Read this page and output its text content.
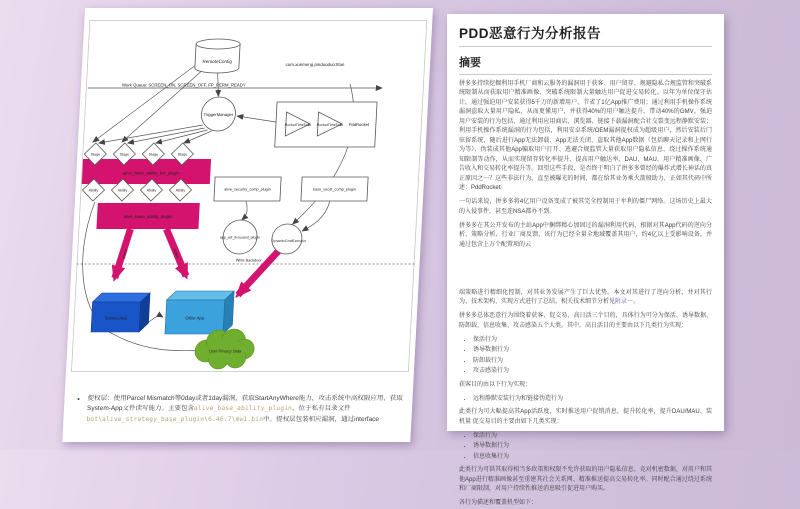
Write Backdoor
Attack	Attack
RemoteConfig
com.xunmeng.pinduoduo:titan
Work Queue: SCREEN_ON, SCREEN_OFF, FP_PERM_READY
TriggerManager
RocketTimeTask RocketTimeTask PddRocket
alive_base_ability_biz_plugin
Stage	Stage	Stage	Stage
Ability	Ability	Ability	Ability
alive_base_ability_plugin
alive_security_comp_plugin	base_secdt_comp_plugin
app_sdt_thousand_plugin
DynamicCmdExecutor
System App	Other App
User Privacy Data
• 提权层：使用Parcel Mismatch等0day或者1day漏洞，获取StartAnyWhere能力，攻击系统中高权限应用，获取System-App文件读写能力。主要包含alive_base_ability_plugin，位于私有目录文件bot\alive_strategy_base_plugin\6.46.7\mw1.bin中。提权层包装相应漏洞，通过interface
PDD恶意行为分析报告
摘要

拼多多持续挖掘利用手机厂商和云服务的漏洞用于获客、用户留存、规避隐私合规监管和突破系统限制从而获取用户精准画像、突破系统限制大量触达用户促进交易转化。以年为单位保守估计，通过强迫用户安装获得5千万的新增用户，节省了1亿App推广费用；通过利用手机操作系统漏洞盗取大量用户隐私，从而更懂用户，并获得40%的用户触达提升，带动40%的GMV。强迫用户安装的行为包括，通过利用应用商店、浏览器、链接下载漏洞配合社交裂变远程静默安装；利用手机操作系统漏洞的行为包括，利用安卓系统/OEM漏洞提权成为超级用户，然后安装后门驻留系统，随后进行App无法卸载、App无法关闭、盗取其他App数据（包括聊天记录和上网行为等）、伪装成其他App骗取用户打开、逃避合规监管大量获取用户隐私信息、绕过操作系统通知限制等动作，从而实现留存转化率提升、提高用户触达率、DAU、MAU、用户精准画像、广告收入和交易转化率提升等。回望这些手段，是否终于明白了拼多多曾经的爆炸式增长神话的真正原因之一？这些非法行为，直至被曝光的时间，都在给其业务乘火箭般助力，正如其代码中所述：PddRocket。

一句话来说，拼多多将4亿用户设备变成了被其完全控制用于牟利的僵尸网络。这场历史上最大的入侵事件，甚至连NSA都办不到。

拼多多在其公开发布的主站App中捆绑精心加固过的漏洞利用代码，根据对其App代码的逆向分析、策略分析、行业厂商反馈，该行为已经全量全地域覆盖其用户，约4亿以上受影响设备，并通过包含上万个配置项的云

端策略进行精细化控制，对其业务发展产生了巨大优势。本文对其进行了逆向分析，并对其行为、技术架构、实现方式进行了总结，相关技术细节分析见附录一。

拼多多总体恶意行为围绕着获客、促交易、高日活三个目的，具体行为可分为保活、诱导数据、防卸载、信息收集、攻击感染五个大类。其中，高日活目的主要由以下几类行为实现：

• 保活行为
• 诱导数据行为
• 防卸载行为
• 攻击感染行为

获客目的由以下行为实现：

• 远程静默安装行为和链接伪造行为

此类行为可大幅提高其App活跃度，实时推送用户促销消息，提升转化率，提升DAU/MAU、装机量 促交易目的主要由如下几类实现：

• 保活行为
• 诱导数据行为
• 信息收集行为

此类行为可供其取得相当多政策和权限不允许获取的用户隐私信息、竞对机密数据，对用户和其他App进行精准画像甚至重建其社会关系网、精准推送提高交易转化率。同时配合通过绕过系统和厂商限制，对用户持续性推送消息吸引促进用户购买。

各行为描述和覆盖机型如下：
